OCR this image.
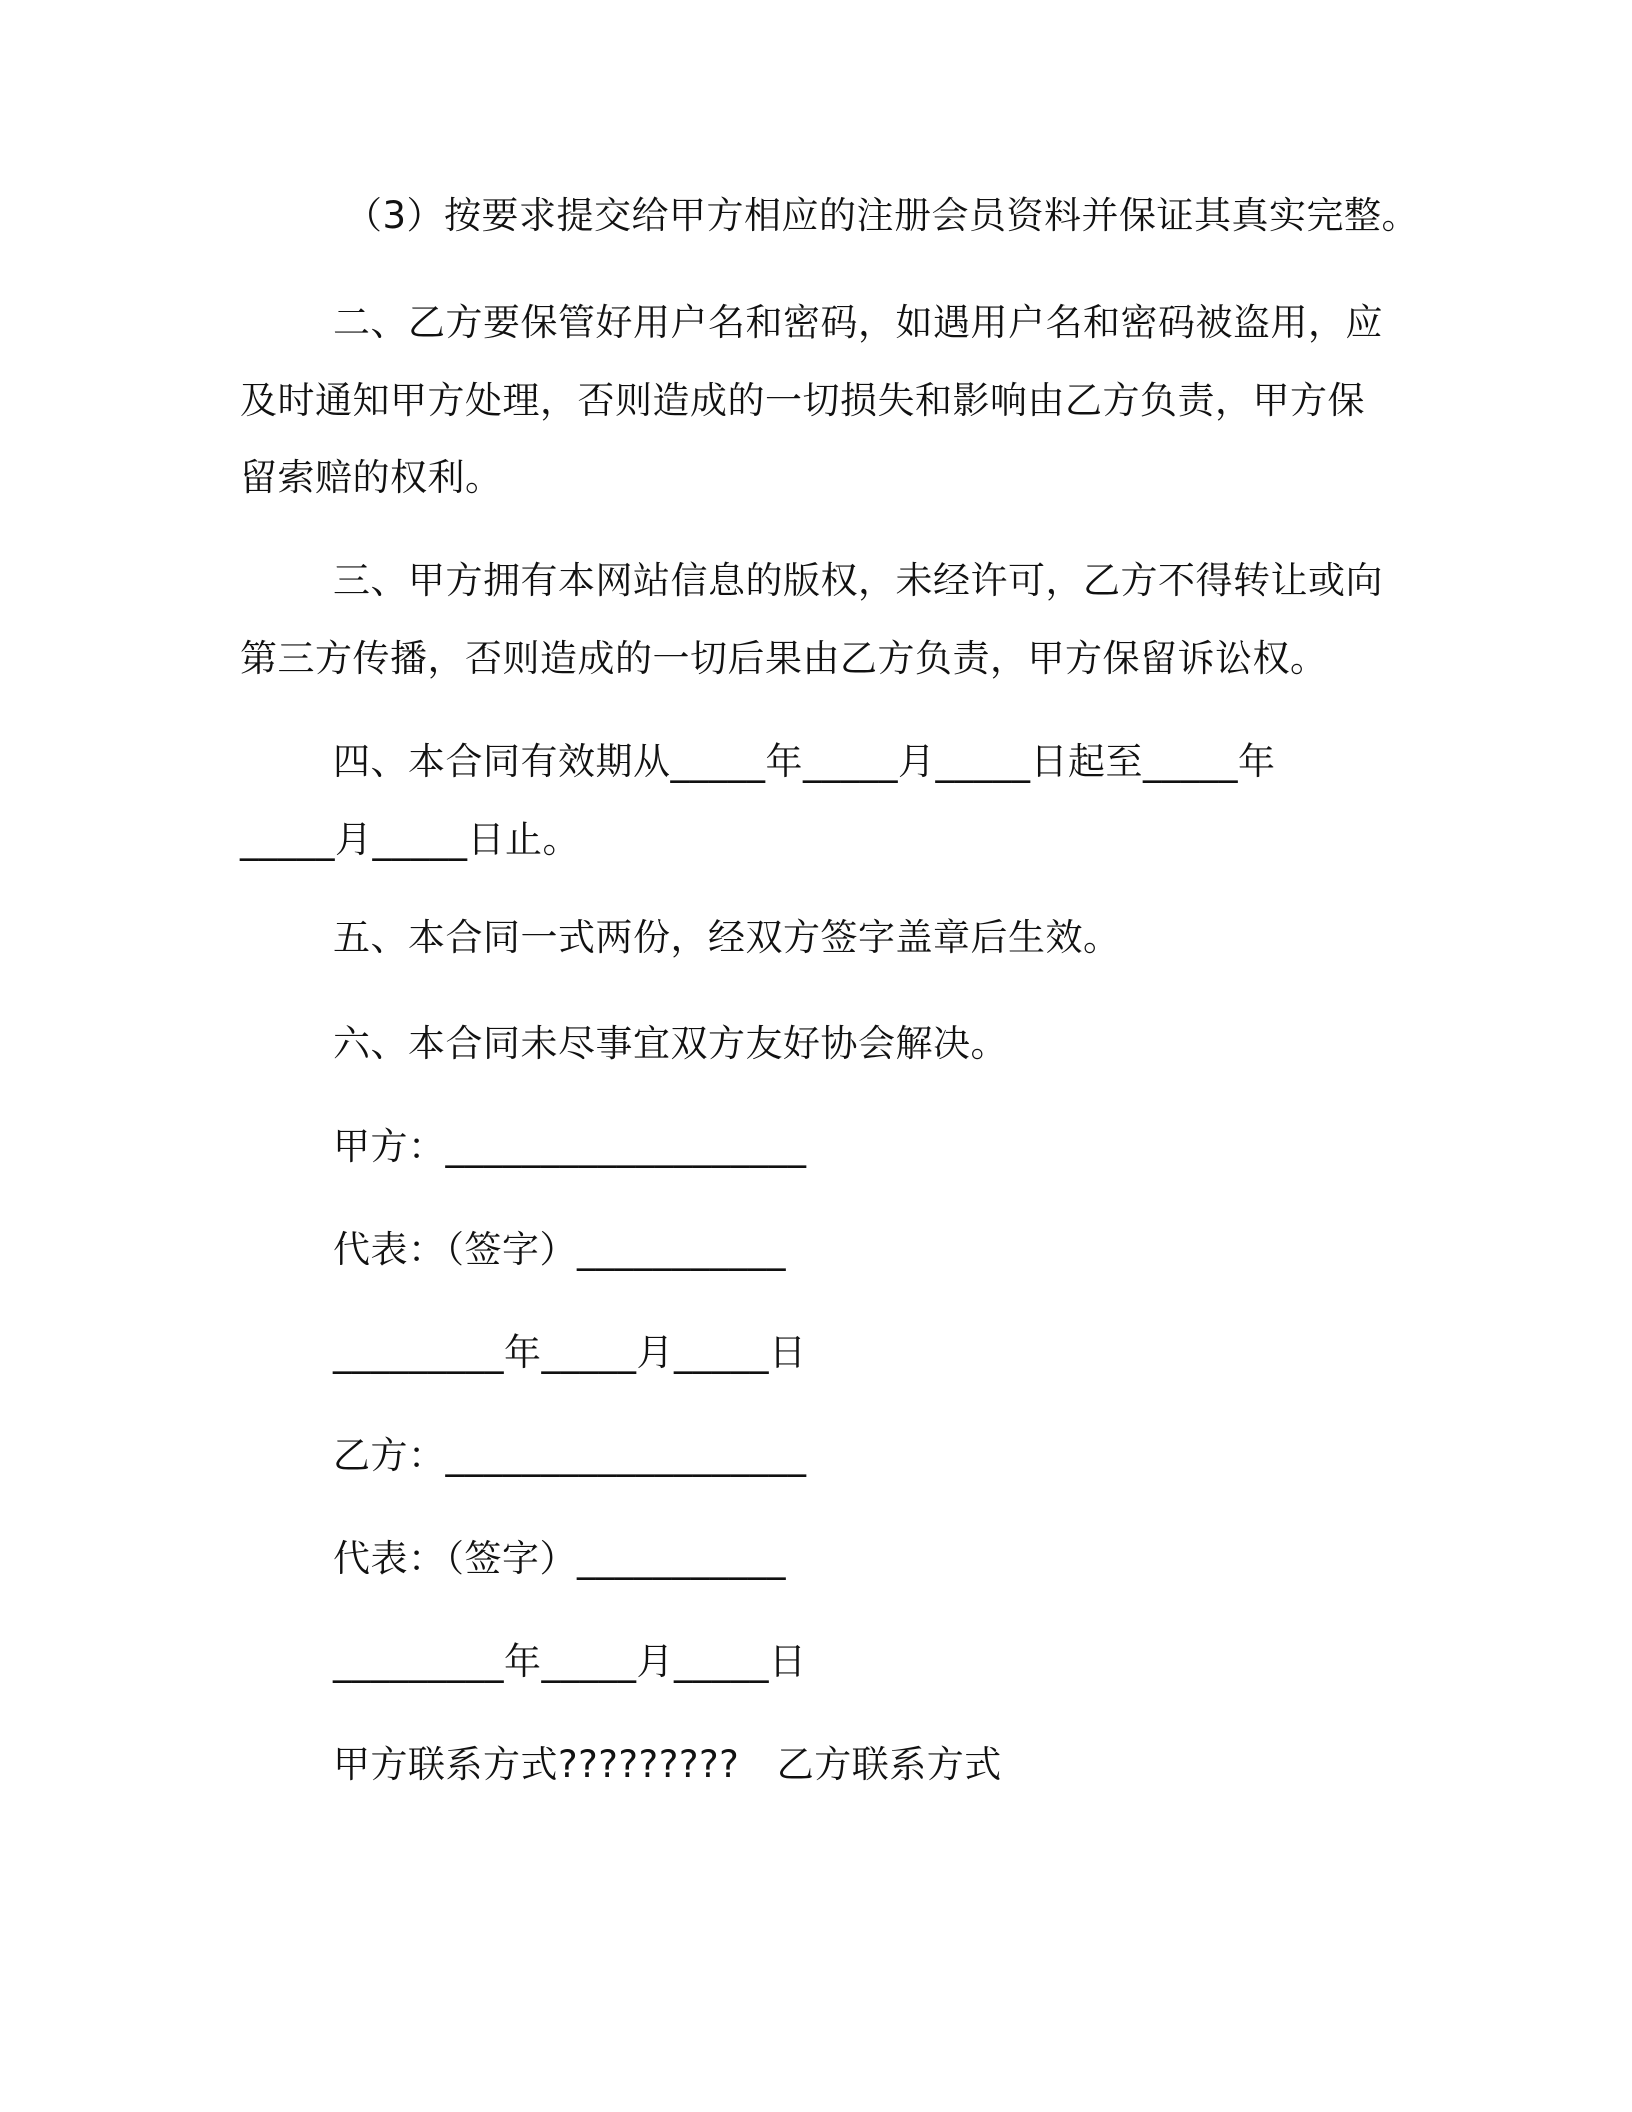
（3）按要求提交给甲方相应的注册会员资料并保证其真实完整。
二、乙方要保管好用户名和密码，如遇用户名和密码被盗用，应
及时通知甲方处理，否则造成的一切损失和影响由乙方负责，甲方保
留索赔的权利。
三、甲方拥有本网站信息的版权，未经许可，乙方不得转让或向
第三方传播，否则造成的一切后果由乙方负责，甲方保留诉讼权。
四、本合同有效期从_____年_____月_____日起至_____年
_____月_____日止。
五、本合同一式两份，经双方签字盖章后生效。
六、本合同未尽事宜双方友好协会解决。
甲方：___________________
代表：（签字）___________
_________年_____月_____日
乙方：___________________
代表：（签字）___________
_________年_____月_____日
甲方联系方式?????????　乙方联系方式
